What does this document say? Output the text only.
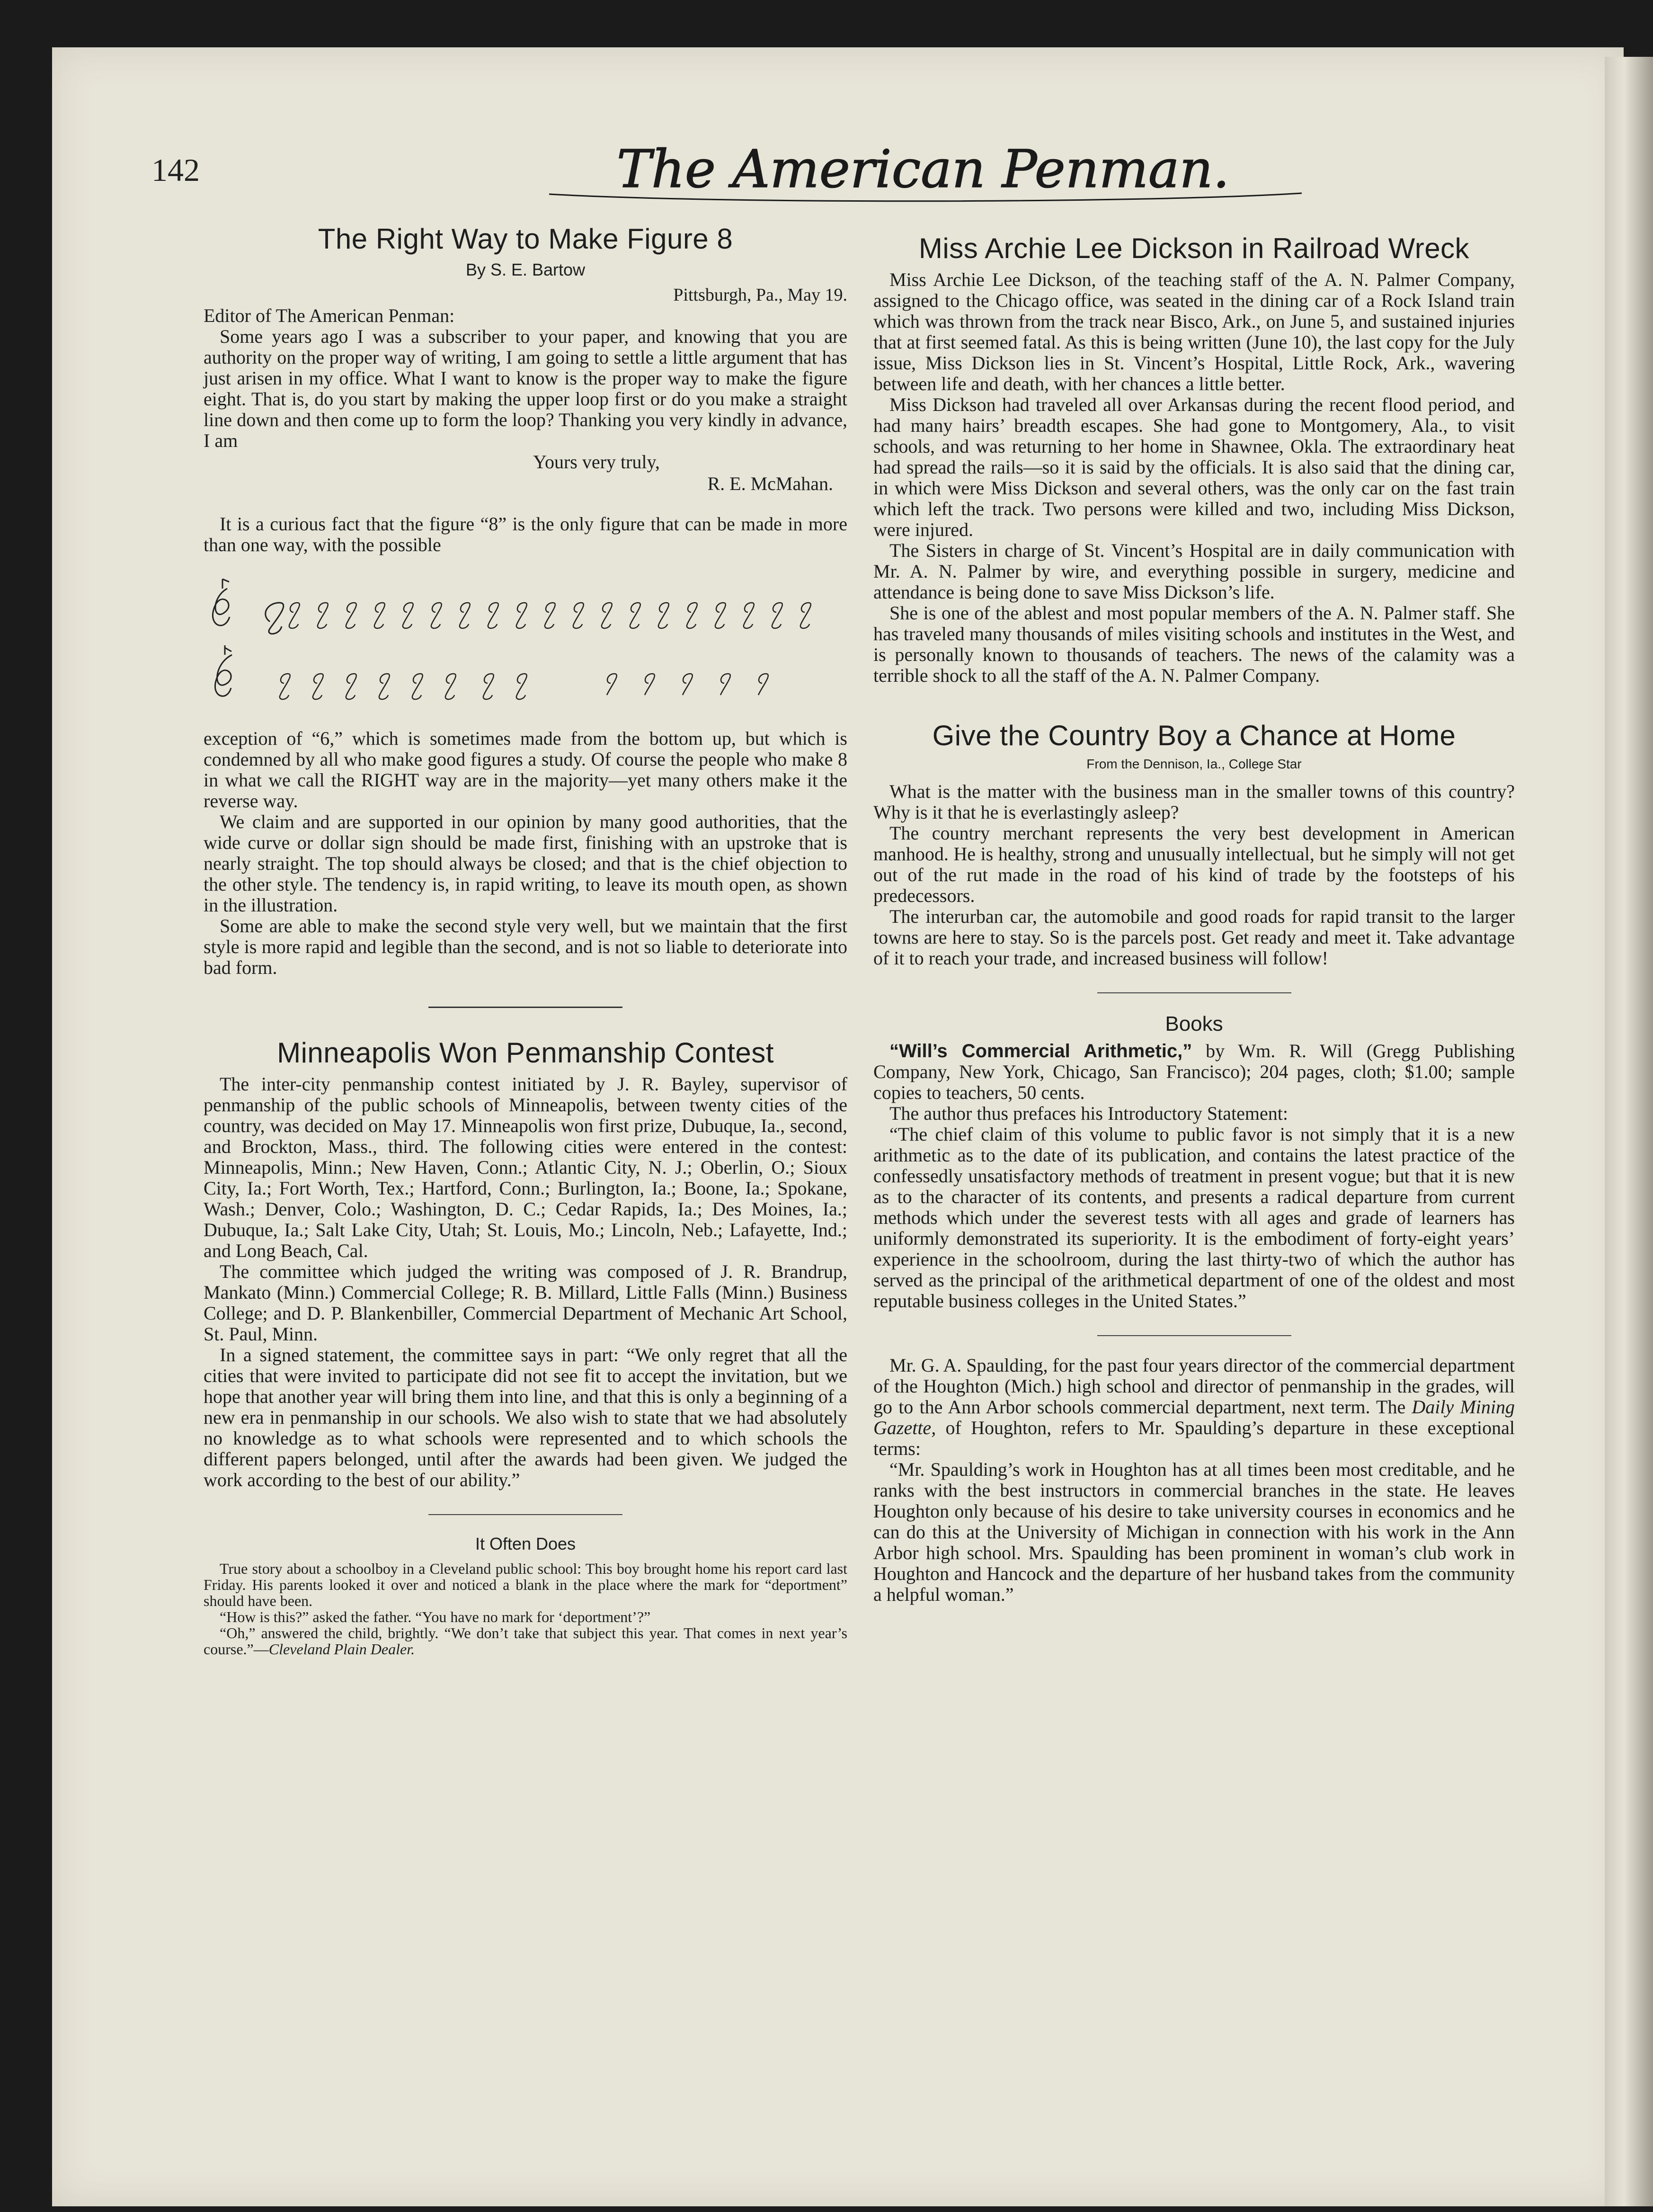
142	The American Penman.
The Right Way to Make Figure 8
By S. E. Bartow
Pittsburgh, Pa., May 19.

Editor of The American Penman:

Some years ago I was a subscriber to your paper, and knowing that you are authority on the proper way of writing, I am going to settle a little argument that has just arisen in my office. What I want to know is the proper way to make the figure eight. That is, do you start by making the upper loop first or do you make a straight line down and then come up to form the loop? Thanking you very kindly in advance, I am

Yours very truly,
R. E. McMahan.

It is a curious fact that the figure “8” is the only figure that can be made in more than one way, with the possible

exception of “6,” which is sometimes made from the bottom up, but which is condemned by all who make good figures a study. Of course the people who make 8 in what we call the RIGHT way are in the majority—yet many others make it the reverse way.

We claim and are supported in our opinion by many good authorities, that the wide curve or dollar sign should be made first, finishing with an upstroke that is nearly straight. The top should always be closed; and that is the chief objection to the other style. The tendency is, in rapid writing, to leave its mouth open, as shown in the illustration.

Some are able to make the second style very well, but we maintain that the first style is more rapid and legible than the second, and is not so liable to deteriorate into bad form.

Minneapolis Won Penmanship Contest

The inter-city penmanship contest initiated by J. R. Bayley, supervisor of penmanship of the public schools of Minneapolis, between twenty cities of the country, was decided on May 17. Minneapolis won first prize, Dubuque, Ia., second, and Brockton, Mass., third. The following cities were entered in the contest: Minneapolis, Minn.; New Haven, Conn.; Atlantic City, N. J.; Oberlin, O.; Sioux City, Ia.; Fort Worth, Tex.; Hartford, Conn.; Burlington, Ia.; Boone, Ia.; Spokane, Wash.; Denver, Colo.; Washington, D. C.; Cedar Rapids, Ia.; Des Moines, Ia.; Dubuque, Ia.; Salt Lake City, Utah; St. Louis, Mo.; Lincoln, Neb.; Lafayette, Ind.; and Long Beach, Cal.

The committee which judged the writing was composed of J. R. Brandrup, Mankato (Minn.) Commercial College; R. B. Millard, Little Falls (Minn.) Business College; and D. P. Blankenbiller, Commercial Department of Mechanic Art School, St. Paul, Minn.

In a signed statement, the committee says in part: “We only regret that all the cities that were invited to participate did not see fit to accept the invitation, but we hope that another year will bring them into line, and that this is only a beginning of a new era in penmanship in our schools. We also wish to state that we had absolutely no knowledge as to what schools were represented and to which schools the different papers belonged, until after the awards had been given. We judged the work according to the best of our ability.”

It Often Does

True story about a schoolboy in a Cleveland public school: This boy brought home his report card last Friday. His parents looked it over and noticed a blank in the place where the mark for “deportment” should have been.

“How is this?” asked the father. “You have no mark for ‘deportment’?”

“Oh,” answered the child, brightly. “We don’t take that subject this year. That comes in next year’s course.”—Cleveland Plain Dealer.

Miss Archie Lee Dickson in Railroad Wreck

Miss Archie Lee Dickson, of the teaching staff of the A. N. Palmer Company, assigned to the Chicago office, was seated in the dining car of a Rock Island train which was thrown from the track near Bisco, Ark., on June 5, and sustained injuries that at first seemed fatal. As this is being written (June 10), the last copy for the July issue, Miss Dickson lies in St. Vincent’s Hospital, Little Rock, Ark., wavering between life and death, with her chances a little better.

Miss Dickson had traveled all over Arkansas during the recent flood period, and had many hairs’ breadth escapes. She had gone to Montgomery, Ala., to visit schools, and was returning to her home in Shawnee, Okla. The extraordinary heat had spread the rails—so it is said by the officials. It is also said that the dining car, in which were Miss Dickson and several others, was the only car on the fast train which left the track. Two persons were killed and two, including Miss Dickson, were injured.

The Sisters in charge of St. Vincent’s Hospital are in daily communication with Mr. A. N. Palmer by wire, and everything possible in surgery, medicine and attendance is being done to save Miss Dickson’s life.

She is one of the ablest and most popular members of the A. N. Palmer staff. She has traveled many thousands of miles visiting schools and institutes in the West, and is personally known to thousands of teachers. The news of the calamity was a terrible shock to all the staff of the A. N. Palmer Company.

Give the Country Boy a Chance at Home
From the Dennison, Ia., College Star

What is the matter with the business man in the smaller towns of this country? Why is it that he is everlastingly asleep?

The country merchant represents the very best development in American manhood. He is healthy, strong and unusually intellectual, but he simply will not get out of the rut made in the road of his kind of trade by the footsteps of his predecessors.

The interurban car, the automobile and good roads for rapid transit to the larger towns are here to stay. So is the parcels post. Get ready and meet it. Take advantage of it to reach your trade, and increased business will follow!

Books

“Will’s Commercial Arithmetic,” by Wm. R. Will (Gregg Publishing Company, New York, Chicago, San Francisco); 204 pages, cloth; $1.00; sample copies to teachers, 50 cents.

The author thus prefaces his Introductory Statement:

“The chief claim of this volume to public favor is not simply that it is a new arithmetic as to the date of its publication, and contains the latest practice of the confessedly unsatisfactory methods of treatment in present vogue; but that it is new as to the character of its contents, and presents a radical departure from current methods which under the severest tests with all ages and grade of learners has uniformly demonstrated its superiority. It is the embodiment of forty-eight years’ experience in the schoolroom, during the last thirty-two of which the author has served as the principal of the arithmetical department of one of the oldest and most reputable business colleges in the United States.”

Mr. G. A. Spaulding, for the past four years director of the commercial department of the Houghton (Mich.) high school and director of penmanship in the grades, will go to the Ann Arbor schools commercial department, next term. The Daily Mining Gazette, of Houghton, refers to Mr. Spaulding’s departure in these exceptional terms:

“Mr. Spaulding’s work in Houghton has at all times been most creditable, and he ranks with the best instructors in commercial branches in the state. He leaves Houghton only because of his desire to take university courses in economics and he can do this at the University of Michigan in connection with his work in the Ann Arbor high school. Mrs. Spaulding has been prominent in woman’s club work in Houghton and Hancock and the departure of her husband takes from the community a helpful woman.”
